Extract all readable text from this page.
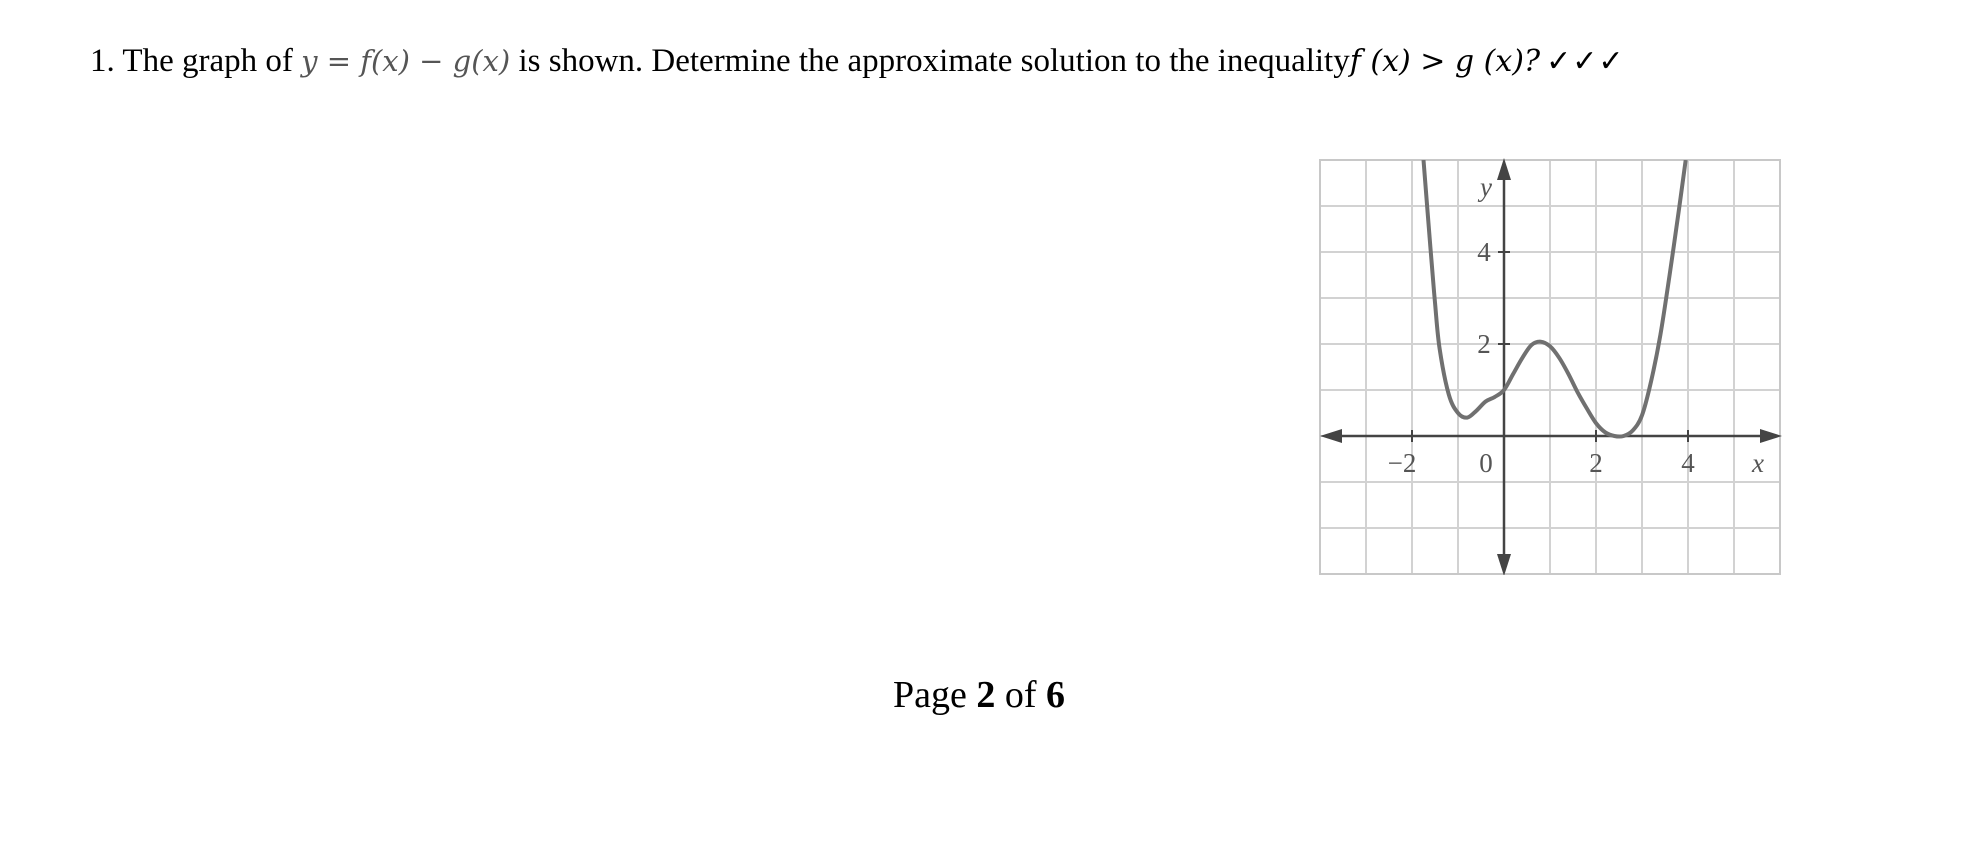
1. The graph of y = f(x) − g(x) is shown. Determine the approximate solution to the inequalityf (x) > g (x)? ✓✓✓
−2 0	2	4
2
4
x
y
Page 2 of 6
